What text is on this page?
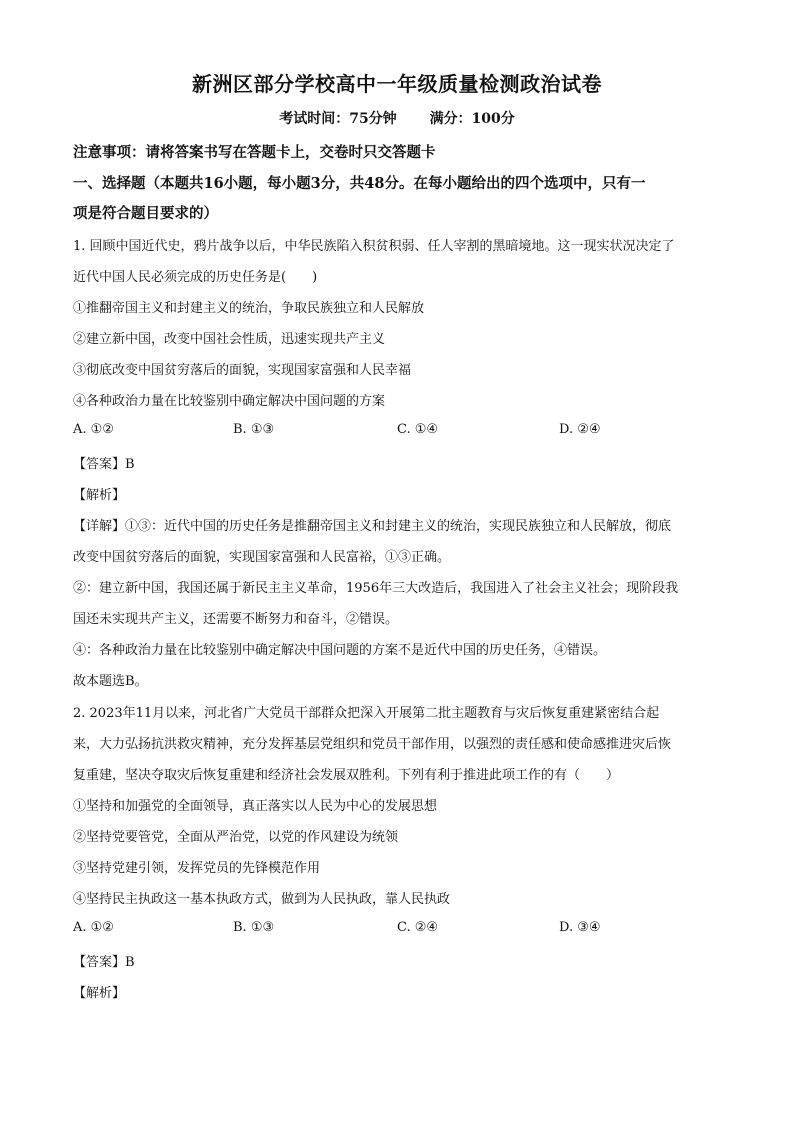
新洲区部分学校高中一年级质量检测政治试卷
考试时间：75分钟 满分：100分
注意事项：请将答案书写在答题卡上，交卷时只交答题卡
一、选择题（本题共16小题，每小题3分，共48分。在每小题给出的四个选项中，只有一
项是符合题目要求的）
1. 回顾中国近代史，鸦片战争以后，中华民族陷入积贫积弱、任人宰割的黑暗境地。这一现实状况决定了
近代中国人民必须完成的历史任务是(　　)
①推翻帝国主义和封建主义的统治，争取民族独立和人民解放
②建立新中国，改变中国社会性质，迅速实现共产主义
③彻底改变中国贫穷落后的面貌，实现国家富强和人民幸福
④各种政治力量在比较鉴别中确定解决中国问题的方案
A. ①②	B. ①③	C. ①④	D. ②④
【答案】B
【解析】
【详解】①③：近代中国的历史任务是推翻帝国主义和封建主义的统治，实现民族独立和人民解放，彻底
改变中国贫穷落后的面貌，实现国家富强和人民富裕，①③正确。
②：建立新中国，我国还属于新民主主义革命，1956年三大改造后，我国进入了社会主义社会；现阶段我
国还未实现共产主义，还需要不断努力和奋斗，②错误。
④：各种政治力量在比较鉴别中确定解决中国问题的方案不是近代中国的历史任务，④错误。
故本题选B。
2. 2023年11月以来，河北省广大党员干部群众把深入开展第二批主题教育与灾后恢复重建紧密结合起
来，大力弘扬抗洪救灾精神，充分发挥基层党组织和党员干部作用，以强烈的责任感和使命感推进灾后恢
复重建，坚决夺取灾后恢复重建和经济社会发展双胜利。下列有利于推进此项工作的有（　　）
①坚持和加强党的全面领导，真正落实以人民为中心的发展思想
②坚持党要管党，全面从严治党，以党的作风建设为统领
③坚持党建引领，发挥党员的先锋模范作用
④坚持民主执政这一基本执政方式，做到为人民执政，靠人民执政
A. ①②	B. ①③	C. ②④	D. ③④
【答案】B
【解析】
